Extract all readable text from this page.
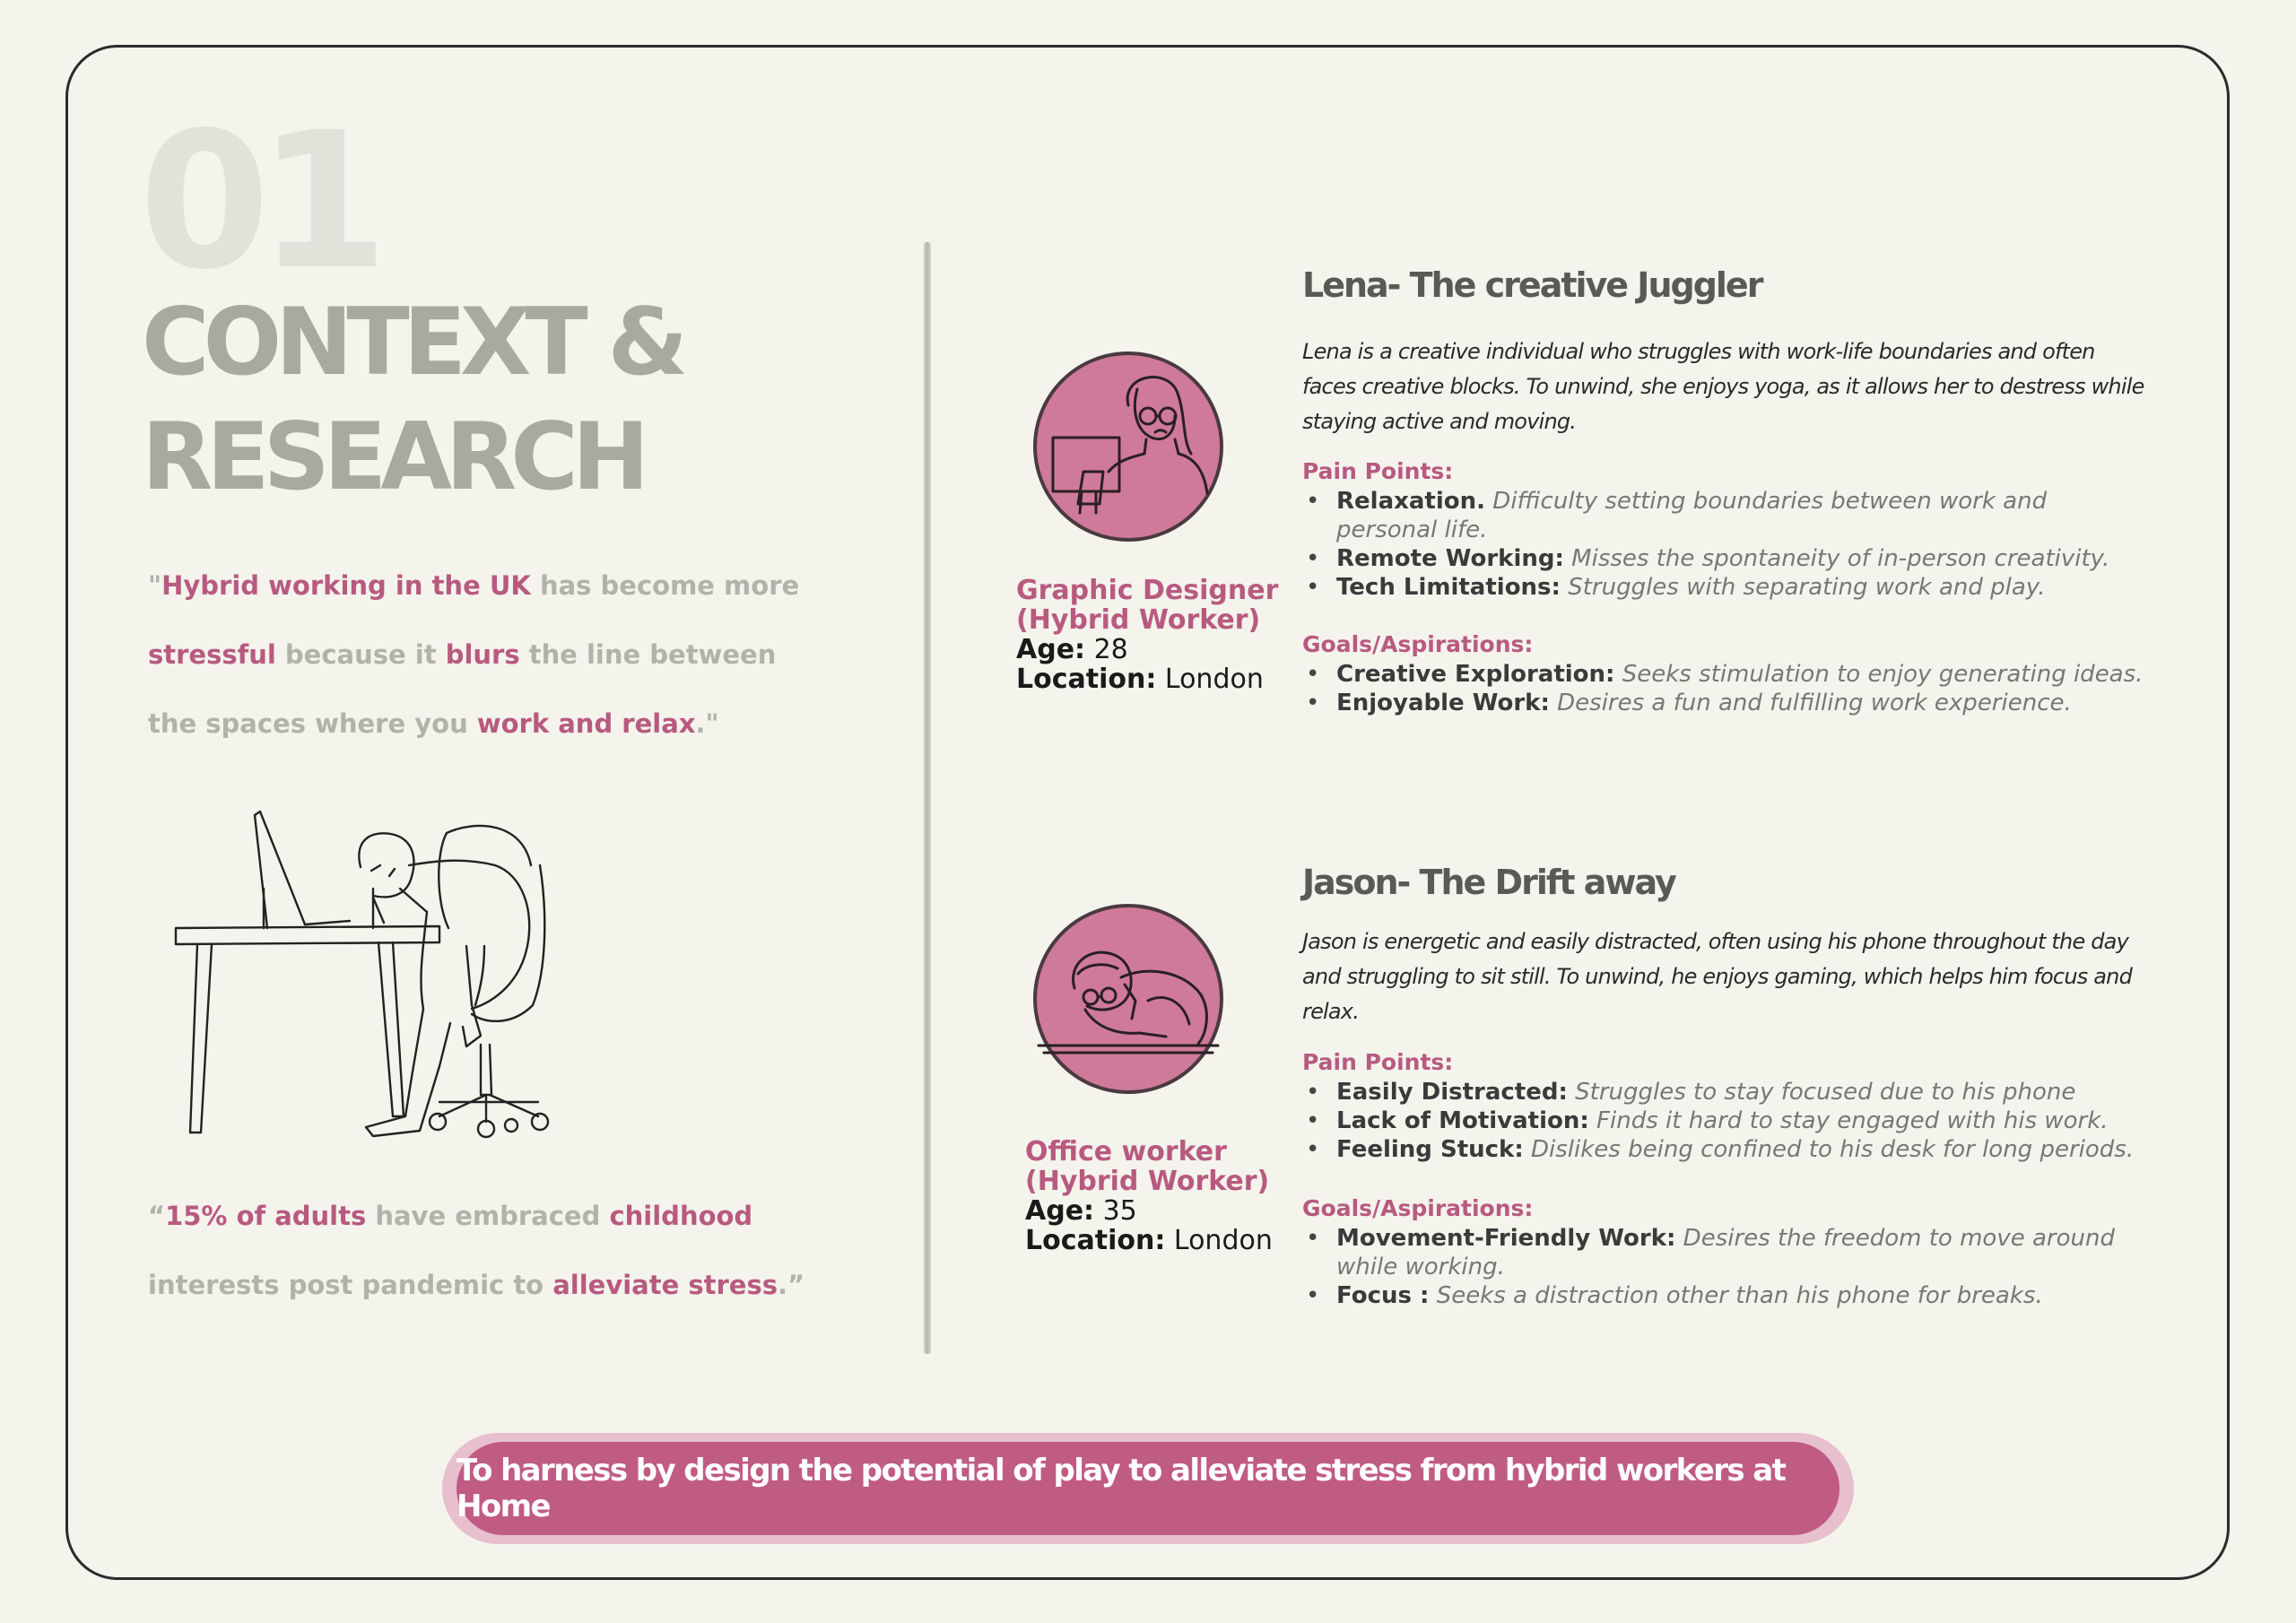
01
CONTEXT &
RESEARCH

"Hybrid working in the UK has become more stressful because it blurs the line between the spaces where you work and relax."

“15% of adults have embraced childhood interests post pandemic to alleviate stress.”

Graphic Designer
(Hybrid Worker)
Age: 28
Location: London
Lena- The creative Juggler

Lena is a creative individual who struggles with work-life boundaries and often faces creative blocks. To unwind, she enjoys yoga, as it allows her to destress while staying active and moving.

Pain Points:
• Relaxation. Difficulty setting boundaries between work and personal life.
• Remote Working: Misses the spontaneity of in-person creativity.
• Tech Limitations: Struggles with separating work and play.
Goals/Aspirations:
• Creative Exploration: Seeks stimulation to enjoy generating ideas.
• Enjoyable Work: Desires a fun and fulfilling work experience.
Office worker
(Hybrid Worker)
Age: 35
Location: London
Jason- The Drift away

Jason is energetic and easily distracted, often using his phone throughout the day and struggling to sit still. To unwind, he enjoys gaming, which helps him focus and relax.

Pain Points:
• Easily Distracted: Struggles to stay focused due to his phone
• Lack of Motivation: Finds it hard to stay engaged with his work.
• Feeling Stuck: Dislikes being confined to his desk for long periods.
Goals/Aspirations:
• Movement-Friendly Work: Desires the freedom to move around while working.
• Focus : Seeks a distraction other than his phone for breaks.
To harness by design the potential of play to alleviate stress from hybrid workers at Home
